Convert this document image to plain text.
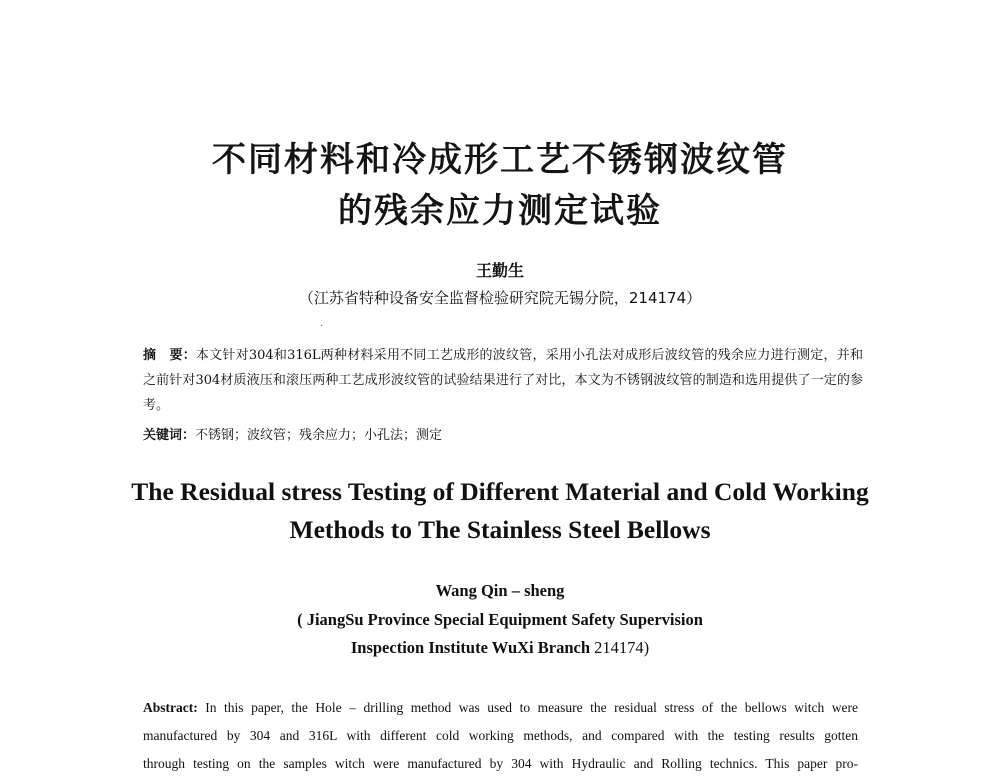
不同材料和冷成形工艺不锈钢波纹管
的残余应力测定试验
王勤生
（江苏省特种设备安全监督检验研究院无锡分院，214174）
·
摘　要：本文针对304和316L两种材料采用不同工艺成形的波纹管，采用小孔法对成形后波纹管的残余应力进行测定，并和之前针对304材质液压和滚压两种工艺成形波纹管的试验结果进行了对比，本文为不锈钢波纹管的制造和选用提供了一定的参考。
关键词：不锈钢；波纹管；残余应力；小孔法；测定
The Residual stress Testing of Different Material and Cold Working
Methods to The Stainless Steel Bellows
Wang Qin – sheng
( JiangSu Province Special Equipment Safety Supervision
Inspection Institute WuXi Branch 214174)
Abstract: In this paper, the Hole – drilling method was used to measure the residual stress of the bellows witch were
manufactured by 304 and 316L with different cold working methods, and compared with the testing results gotten
through testing on the samples witch were manufactured by 304 with Hydraulic and Rolling technics. This paper pro-
